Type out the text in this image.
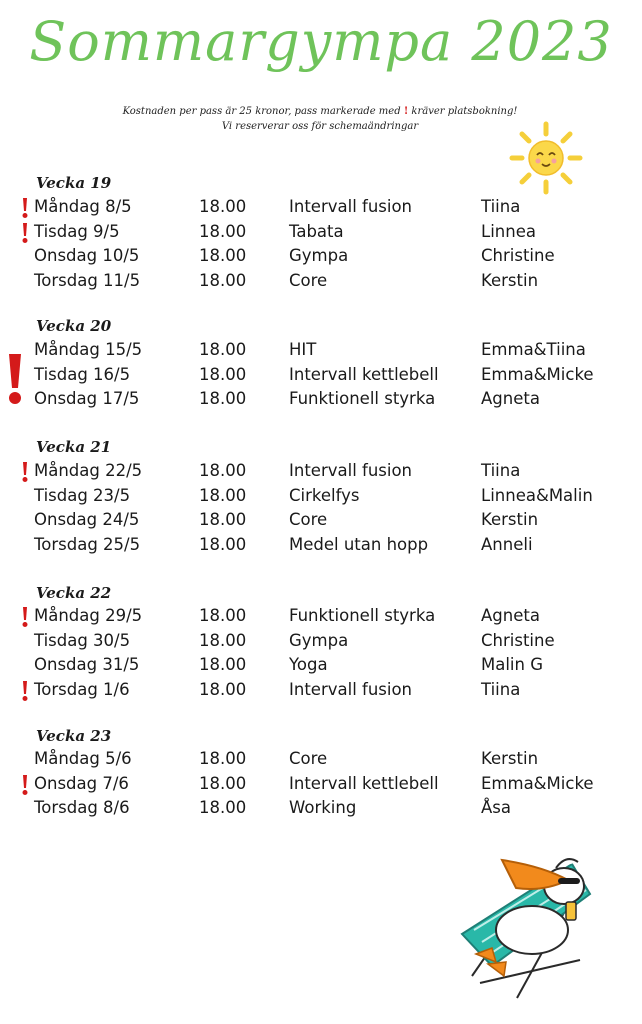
Sommargympa 2023
Kostnaden per pass är 25 kronor, pass markerade med ! kräver platsbokning!
Vi reserverar oss för schemaändringar
Vecka 19
Måndag 8/5	18.00	Intervall fusion	Tiina
Tisdag 9/5	18.00	Tabata	Linnea
Onsdag 10/5	18.00	Gympa	Christine
Torsdag 11/5	18.00	Core	Kerstin
Vecka 20
Måndag 15/5	18.00	HIT	Emma&Tiina
Tisdag 16/5	18.00	Intervall kettlebell	Emma&Micke
Onsdag 17/5	18.00	Funktionell styrka	Agneta
Vecka 21
Måndag 22/5	18.00	Intervall fusion	Tiina
Tisdag 23/5	18.00	Cirkelfys	Linnea&Malin
Onsdag 24/5	18.00	Core	Kerstin
Torsdag 25/5	18.00	Medel utan hopp	Anneli
Vecka 22
Måndag 29/5	18.00	Funktionell styrka	Agneta
Tisdag 30/5	18.00	Gympa	Christine
Onsdag 31/5	18.00	Yoga	Malin G
Torsdag 1/6	18.00	Intervall fusion	Tiina
Vecka 23
Måndag 5/6	18.00	Core	Kerstin
Onsdag 7/6	18.00	Intervall kettlebell	Emma&Micke
Torsdag 8/6	18.00	Working	Åsa
